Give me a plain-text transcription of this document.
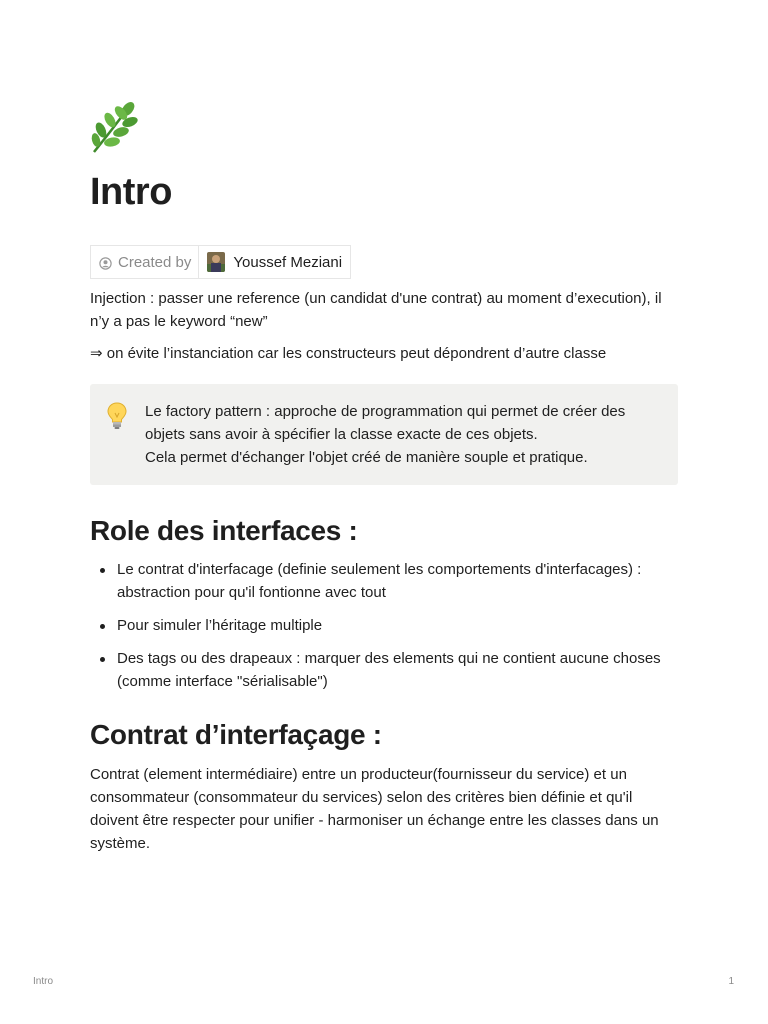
Intro
Created by	Youssef Meziani

Injection : passer une reference (un candidat d'une contrat) au moment d’execution), il n’y a pas le keyword “new”

⇒ on évite l’instanciation car les constructeurs peut dépondrent d’autre classe

Le factory pattern : approche de programmation qui permet de créer des objets sans avoir à spécifier la classe exacte de ces objets.
Cela permet d'échanger l'objet créé de manière souple et pratique.
Role des interfaces :
Le contrat d'interfacage (definie seulement les comportements d'interfacages) : abstraction pour qu'il fontionne avec tout
Pour simuler l’héritage multiple
Des tags ou des drapeaux : marquer des elements qui ne contient aucune choses (comme interface "sérialisable")
Contrat d’interfaçage :

Contrat (element intermédiaire) entre un producteur(fournisseur du service) et un consommateur (consommateur du services) selon des critères bien définie et qu'il doivent être respecter pour unifier - harmoniser un échange entre les classes dans un système.

Intro	1
